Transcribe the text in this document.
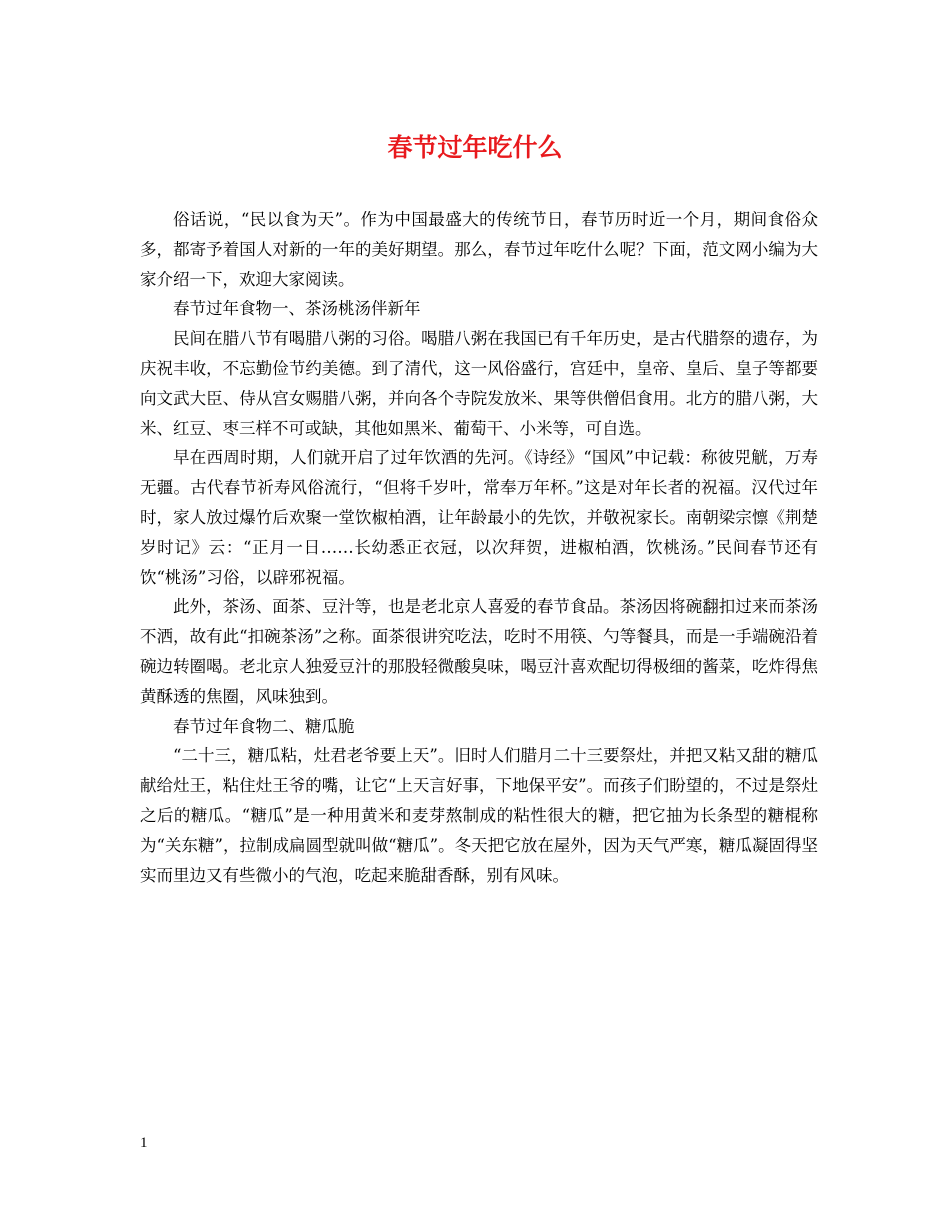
春节过年吃什么

俗话说，“民以食为天”。作为中国最盛大的传统节日，春节历时近一个月，期间食俗众多，都寄予着国人对新的一年的美好期望。那么，春节过年吃什么呢？下面，范文网小编为大家介绍一下，欢迎大家阅读。

春节过年食物一、茶汤桃汤伴新年

民间在腊八节有喝腊八粥的习俗。喝腊八粥在我国已有千年历史，是古代腊祭的遗存，为庆祝丰收，不忘勤俭节约美德。到了清代，这一风俗盛行，宫廷中，皇帝、皇后、皇子等都要向文武大臣、侍从宫女赐腊八粥，并向各个寺院发放米、果等供僧侣食用。北方的腊八粥，大米、红豆、枣三样不可或缺，其他如黑米、葡萄干、小米等，可自选。

早在西周时期，人们就开启了过年饮酒的先河。《诗经》“国风”中记载：称彼兕觥，万寿无疆。古代春节祈寿风俗流行，“但将千岁叶，常奉万年杯。”这是对年长者的祝福。汉代过年时，家人放过爆竹后欢聚一堂饮椒柏酒，让年龄最小的先饮，并敬祝家长。南朝梁宗懔《荆楚岁时记》云：“正月一日……长幼悉正衣冠，以次拜贺，进椒柏酒，饮桃汤。”民间春节还有饮“桃汤”习俗，以辟邪祝福。

此外，茶汤、面茶、豆汁等，也是老北京人喜爱的春节食品。茶汤因将碗翻扣过来而茶汤不洒，故有此“扣碗茶汤”之称。面茶很讲究吃法，吃时不用筷、勺等餐具，而是一手端碗沿着碗边转圈喝。老北京人独爱豆汁的那股轻微酸臭味，喝豆汁喜欢配切得极细的酱菜，吃炸得焦黄酥透的焦圈，风味独到。

春节过年食物二、糖瓜脆

“二十三，糖瓜粘，灶君老爷要上天”。旧时人们腊月二十三要祭灶，并把又粘又甜的糖瓜献给灶王，粘住灶王爷的嘴，让它“上天言好事，下地保平安”。而孩子们盼望的，不过是祭灶之后的糖瓜。“糖瓜”是一种用黄米和麦芽熬制成的粘性很大的糖，把它抽为长条型的糖棍称为“关东糖”，拉制成扁圆型就叫做“糖瓜”。冬天把它放在屋外，因为天气严寒，糖瓜凝固得坚实而里边又有些微小的气泡，吃起来脆甜香酥，别有风味。

1
